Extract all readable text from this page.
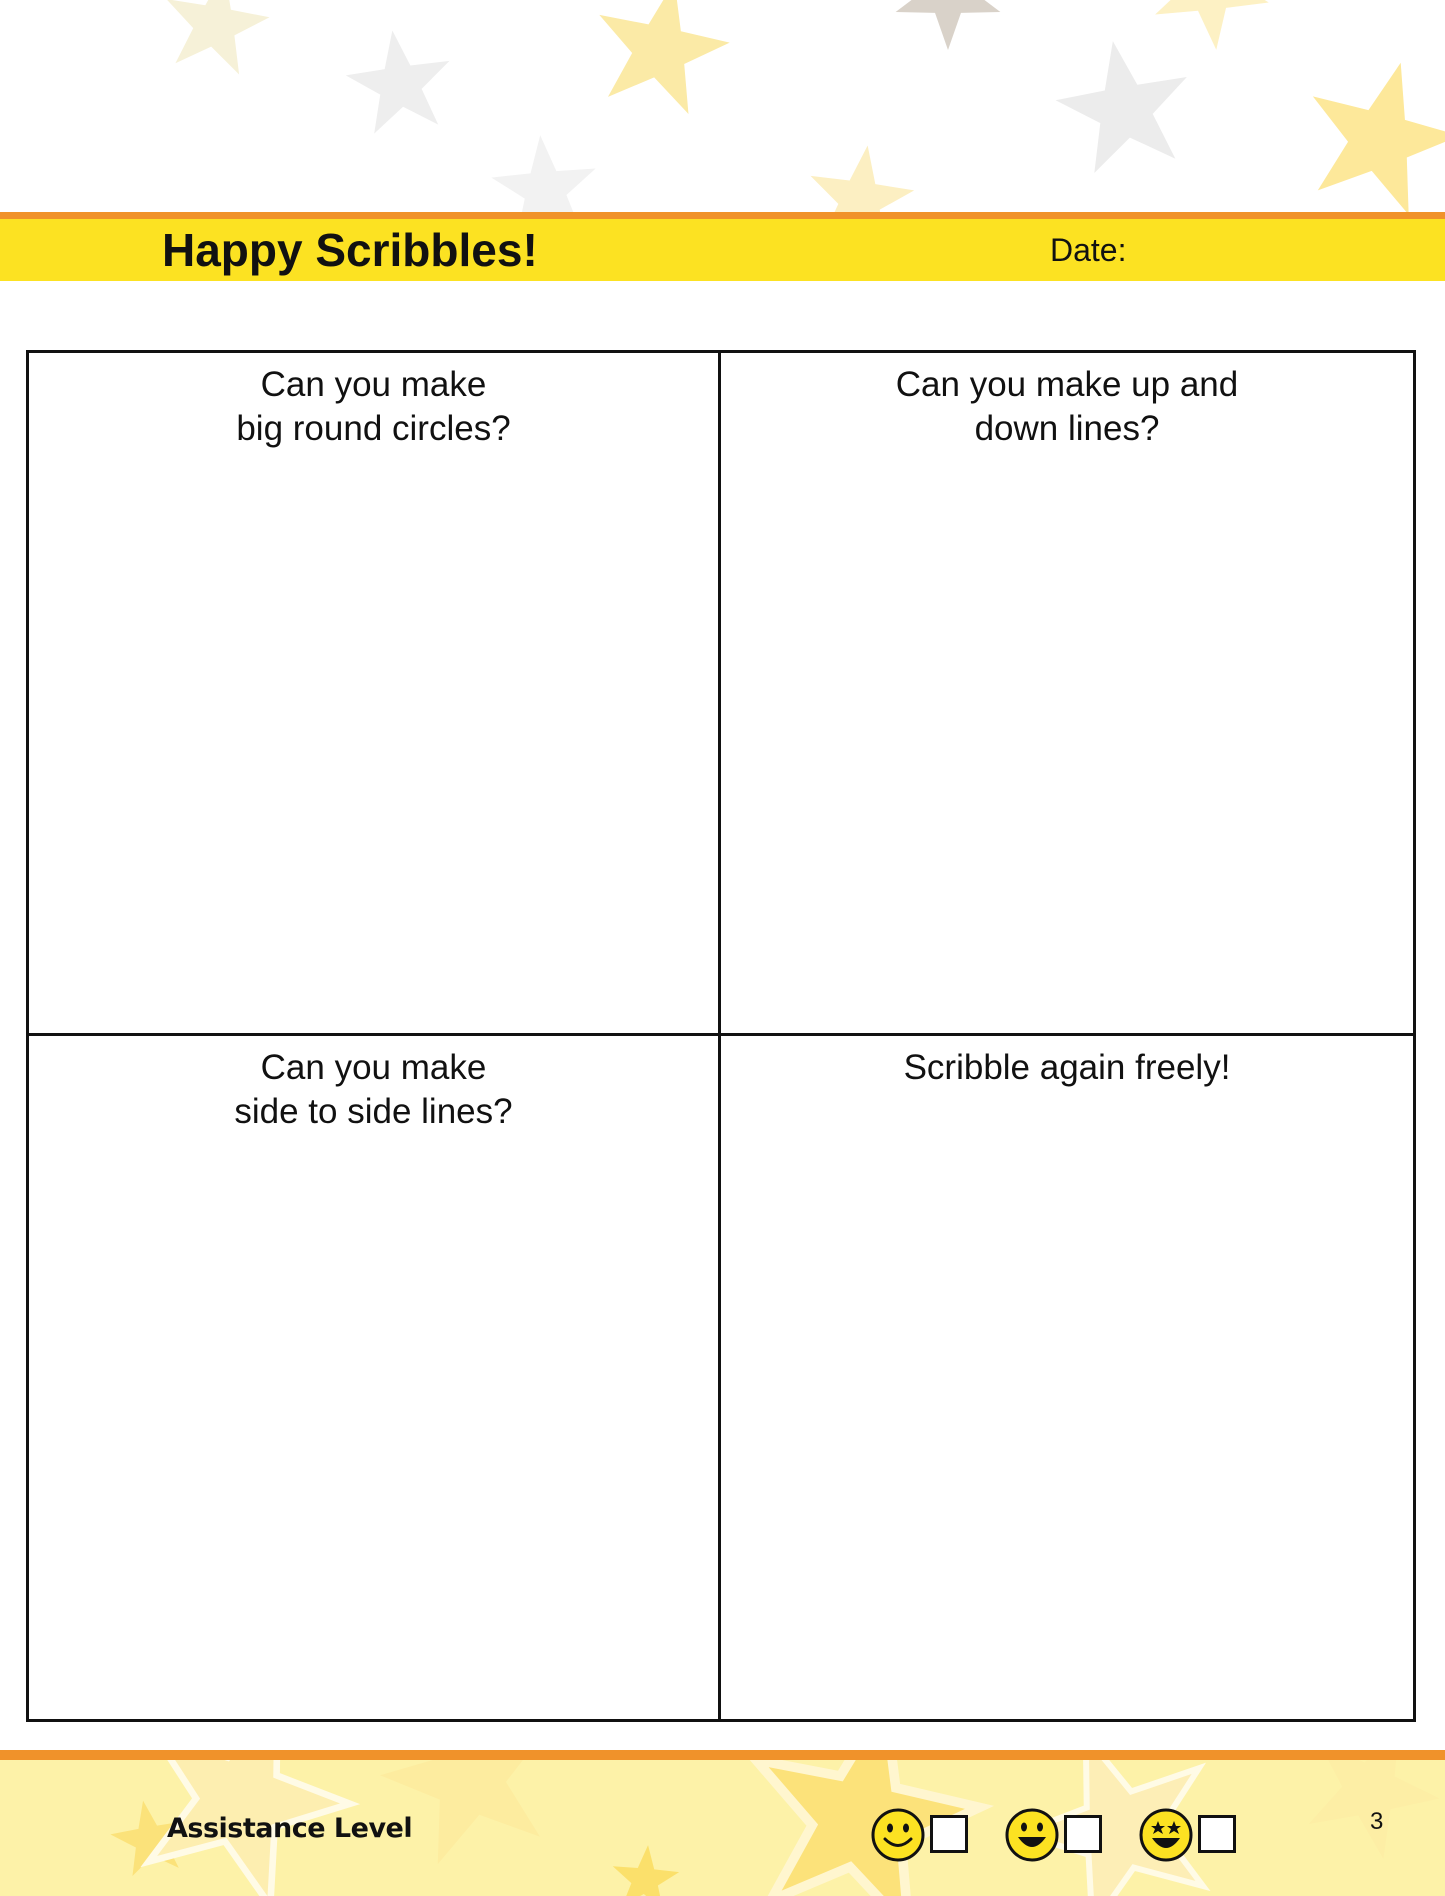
Happy Scribbles!	Date:
Can you make
big round circles?
Can you make up and
down lines?
Can you make
side to side lines?
Scribble again freely!
Assistance Level	3
